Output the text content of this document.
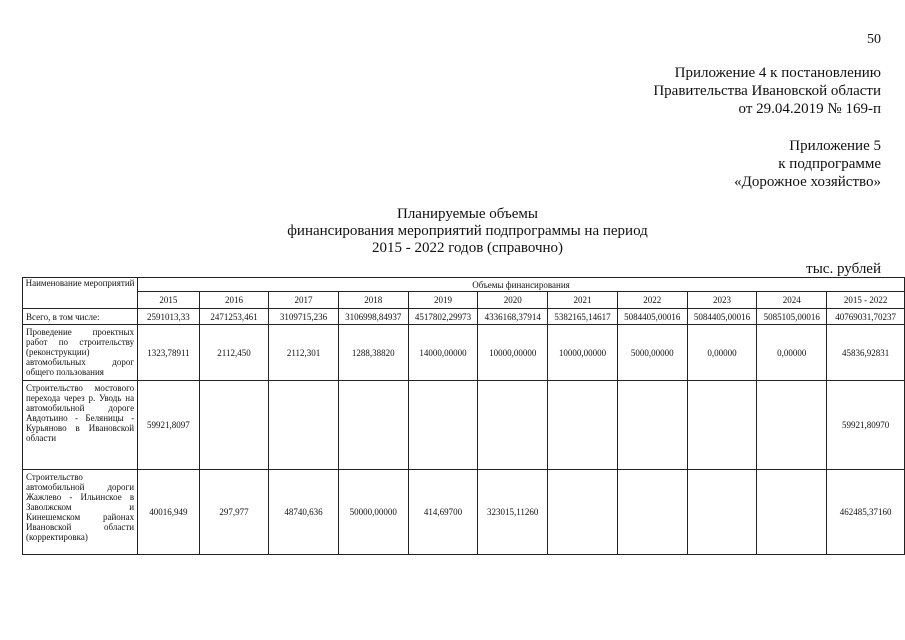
50
Приложение 4 к постановлению
Правительства Ивановской области
от 29.04.2019 № 169-п
Приложение 5
к подпрограмме
«Дорожное хозяйство»
Планируемые объемы
финансирования мероприятий подпрограммы на период
2015 - 2022 годов (справочно)
тыс. рублей
Наименование мероприятий	Объемы финансирования										
	2015	2016	2017	2018	2019	2020	2021	2022	2023	2024	2015 - 2022
Всего, в том числе:	2591013,33	2471253,461	3109715,236	3106998,84937	4517802,29973	4336168,37914	5382165,14617	5084405,00016	5084405,00016	5085105,00016	40769031,70237
Проведение проектных работ по строительству (реконструкции) автомобильных дорог общего пользования	1323,78911	2112,450	2112,301	1288,38820	14000,00000	10000,00000	10000,00000	5000,00000	0,00000	0,00000	45836,92831
Строительство мостового перехода через р. Уводь на автомобильной дороге Авдотьино - Беляницы - Курьяново в Ивановской области	59921,8097										59921,80970
Строительство автомобильной дороги Жажлево - Ильинское в Заволжском и Кинешемском районах Ивановской области (корректировка)	40016,949	297,977	48740,636	50000,00000	414,69700	323015,11260					462485,37160
